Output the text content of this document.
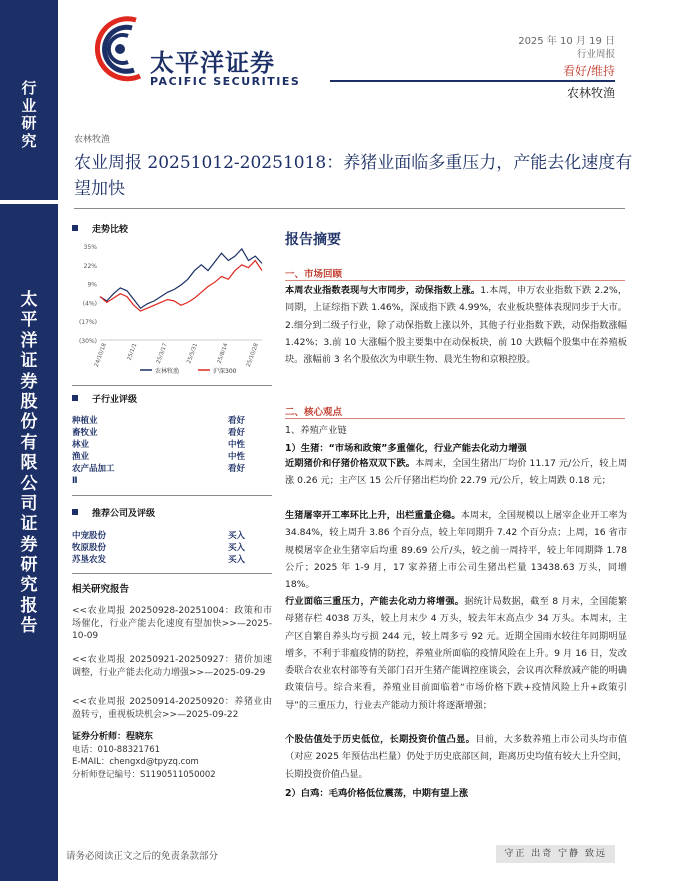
行
业
研
究
太
平
洋
证
券
股
份
有
限
公
司
证
券
研
究
报
告
太平洋证券
PACIFIC SECURITIES
2025 年 10 月 19 日
行业周报
看好/维持
农林牧渔
农林牧渔
农业周报 20251012-20251018：养猪业面临多重压力，产能去化速度有望加快
走势比较
35%
22%
9%
(4%)
(17%)
(30%)
24/10/18	25/1/1	25/3/17	25/5/31	25/8/14	25/10/28
农林牧渔	沪深300
子行业评级
种植业	看好
畜牧业	看好
林业	中性
渔业	中性
农产品加工	看好
Ⅱ
推荐公司及评级
中宠股份	买入
牧原股份	买入
苏垦农发	买入
相关研究报告
<<农业周报 20250928-20251004：政策和市场催化，行业产能去化速度有望加快>>—2025-10-09
<<农业周报 20250921-20250927：猪价加速调整，行业产能去化动力增强>>—2025-09-29
<<农业周报 20250914-20250920：养猪业由盈转亏，重视板块机会>>—2025-09-22
证券分析师：程晓东
电话：010-88321761
E-MAIL：chengxd@tpyzq.com
分析师登记编号：S1190511050002
报告摘要
一、市场回顾
本周农业指数表现与大市同步，动保指数上涨。1.本周，申万农业指数下跌 2.2%，同期，上证综指下跌 1.46%，深成指下跌 4.99%，农业板块整体表现同步于大市。2.细分到二级子行业，除了动保指数上涨以外，其他子行业指数下跌，动保指数涨幅 1.42%；3.前 10 大涨幅个股主要集中在动保板块，前 10 大跌幅个股集中在养殖板块。涨幅前 3 名个股依次为申联生物、晨光生物和京粮控股。
二、核心观点
1、养殖产业链
1）生猪：“市场和政策”多重催化，行业产能去化动力增强
近期猪价和仔猪价格双双下跌。本周末，全国生猪出厂均价 11.17 元/公斤，较上周涨 0.26 元；主产区 15 公斤仔猪出栏均价 22.79 元/公斤，较上周跌 0.18 元；
生猪屠宰开工率环比上升，出栏重量企稳。本周末，全国规模以上屠宰企业开工率为 34.84%，较上周升 3.86 个百分点，较上年同期升 7.42 个百分点；上周，16 省市规模屠宰企业生猪宰后均重 89.69 公斤/头，较之前一周持平，较上年同期降 1.78 公斤；2025 年 1-9 月，17 家养猪上市公司生猪出栏量 13438.63 万头，同增 18%。
行业面临三重压力，产能去化动力将增强。据统计局数据，截至 8 月末，全国能繁母猪存栏 4038 万头，较上月末少 4 万头，较去年末高点少 34 万头。本周末，主产区自繁自养头均亏损 244 元，较上周多亏 92 元。近期全国雨水较往年同期明显增多，不利于非瘟疫情的防控，养殖业所面临的疫情风险在上升。9 月 16 日，发改委联合农业农村部等有关部门召开生猪产能调控座谈会，会议再次释放减产能的明确政策信号。综合来看，养殖业目前面临着“市场价格下跌+疫情风险上升+政策引导”的三重压力，行业去产能动力预计将逐渐增强；
个股估值处于历史低位，长期投资价值凸显。目前，大多数养殖上市公司头均市值（对应 2025 年预估出栏量）仍处于历史底部区间，距离历史均值有较大上升空间，长期投资价值凸显。
2）白鸡：毛鸡价格低位震荡，中期有望上涨
请务必阅读正文之后的免责条款部分	守正 出奇 宁静 致远
